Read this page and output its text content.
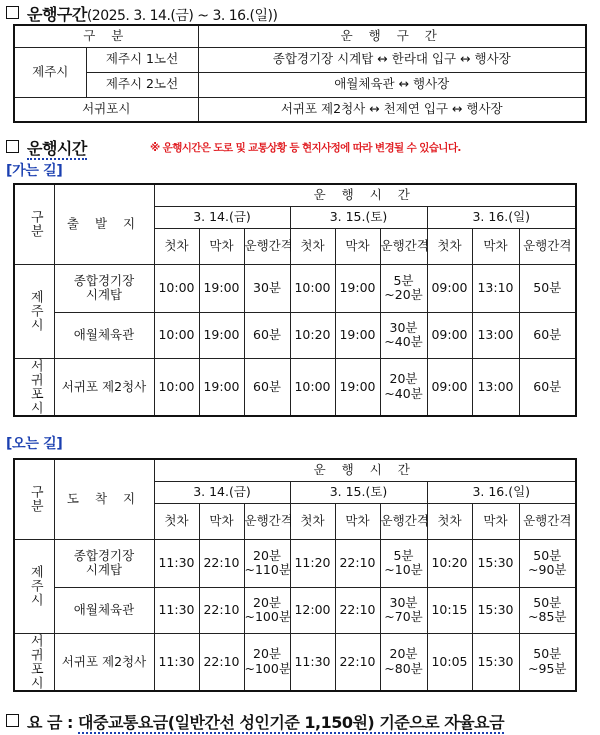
운행구간(2025. 3. 14.(금) ~ 3. 16.(일))
구 분		운 행 구 간
제주시	제주시 1노선	종합경기장 시계탑 ↔ 한라대 입구 ↔ 행사장
	제주시 2노선	애월체육관 ↔ 행사장
서귀포시		서귀포 제2청사 ↔ 천제연 입구 ↔ 행사장
운행시간	※ 운행시간은 도로 및 교통상황 등 현지사정에 따라 변경될 수 있습니다.
[가는 길]
구분	출 발 지	운 행 시 간								
		3. 14.(금)			3. 15.(토)			3. 16.(일)		
		첫차	막차	운행간격	첫차	막차	운행간격	첫차	막차	운행간격
제주시	종합경기장 시계탑	10:00	19:00	30분	10:00	19:00	5분~20분	09:00	13:10	50분
	애월체육관	10:00	19:00	60분	10:20	19:00	30분~40분	09:00	13:00	60분
서귀포시	서귀포 제2청사	10:00	19:00	60분	10:00	19:00	20분~40분	09:00	13:00	60분
[오는 길]
구분	도 착 지	운 행 시 간								
		3. 14.(금)			3. 15.(토)			3. 16.(일)		
		첫차	막차	운행간격	첫차	막차	운행간격	첫차	막차	운행간격
제주시	종합경기장 시계탑	11:30	22:10	20분~110분	11:20	22:10	5분~10분	10:20	15:30	50분~90분
	애월체육관	11:30	22:10	20분~100분	12:00	22:10	30분~70분	10:15	15:30	50분~85분
서귀포시	서귀포 제2청사	11:30	22:10	20분~100분	11:30	22:10	20분~80분	10:05	15:30	50분~95분
요 금 : 대중교통요금(일반간선 성인기준 1,150원) 기준으로 자율요금
